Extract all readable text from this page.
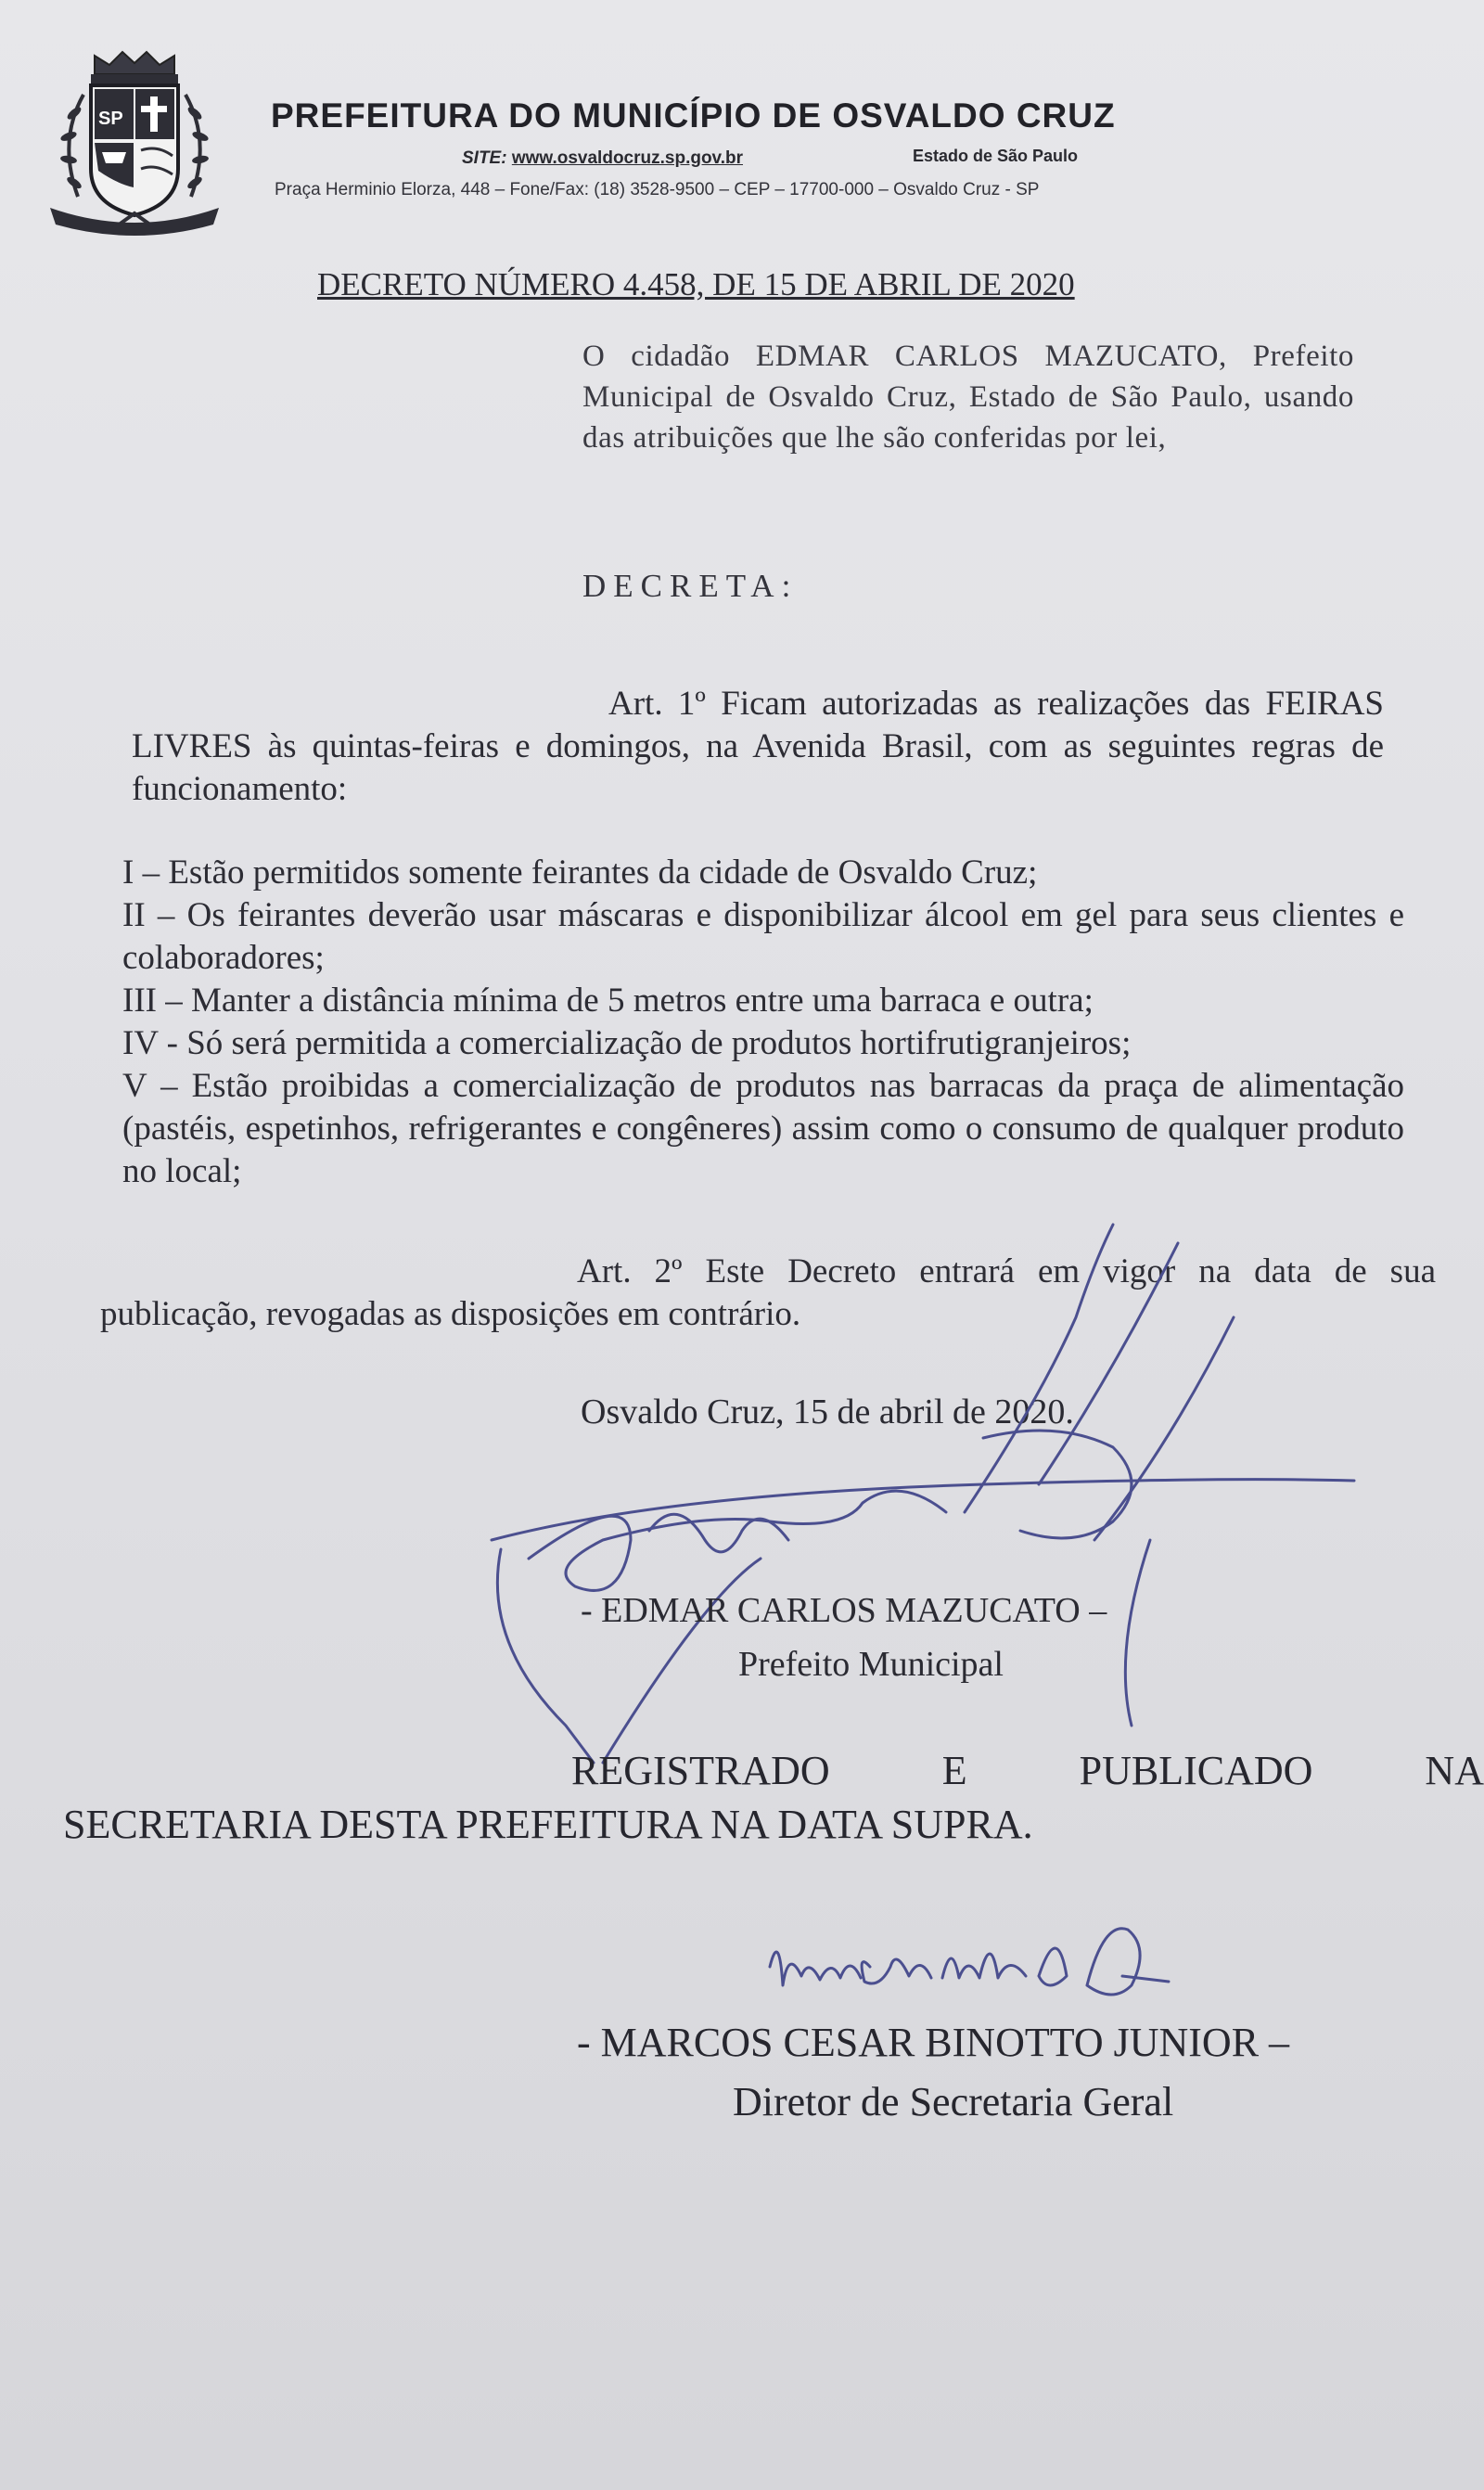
SP	PREFEITURA DO MUNICÍPIO DE OSVALDO CRUZ
SITE: www.osvaldocruz.sp.gov.br	Estado de São Paulo
Praça Herminio Elorza, 448 – Fone/Fax: (18) 3528-9500 – CEP – 17700-000 – Osvaldo Cruz - SP
DECRETO NÚMERO 4.458, DE 15 DE ABRIL DE 2020
O cidadão EDMAR CARLOS MAZUCATO, Prefeito Municipal de Osvaldo Cruz, Estado de São Paulo, usando das atribuições que lhe são conferidas por lei,
DECRETA:
Art. 1º Ficam autorizadas as realizações das FEIRAS LIVRES às quintas-feiras e domingos, na Avenida Brasil, com as seguintes regras de funcionamento:

I – Estão permitidos somente feirantes da cidade de Osvaldo Cruz;

II – Os feirantes deverão usar máscaras e disponibilizar álcool em gel para seus clientes e colaboradores;

III – Manter a distância mínima de 5 metros entre uma barraca e outra;

IV - Só será permitida a comercialização de produtos hortifrutigranjeiros;

V – Estão proibidas a comercialização de produtos nas barracas da praça de alimentação (pastéis, espetinhos, refrigerantes e congêneres) assim como o consumo de qualquer produto no local;

Art. 2º Este Decreto entrará em vigor na data de sua publicação, revogadas as disposições em contrário.
Osvaldo Cruz, 15 de abril de 2020.
- EDMAR CARLOS MAZUCATO –
Prefeito Municipal
REGISTRADO	E	PUBLICADO	NA
SECRETARIA DESTA PREFEITURA NA DATA SUPRA.
- MARCOS CESAR BINOTTO JUNIOR –
Diretor de Secretaria Geral
